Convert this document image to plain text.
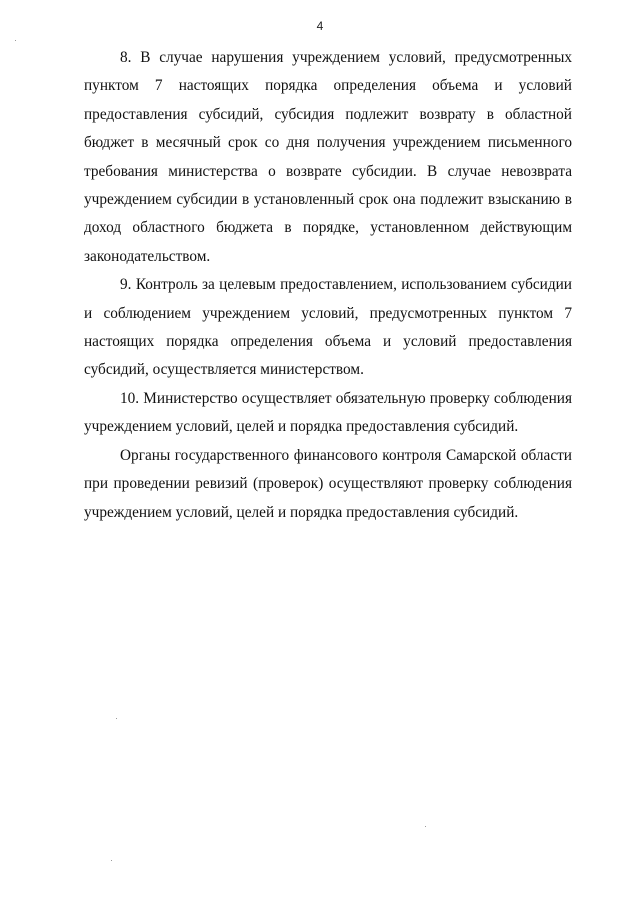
4

8. В случае нарушения учреждением условий, предусмотренных пунктом 7 настоящих порядка определения объема и условий предоставления субсидий, субсидия подлежит возврату в областной бюджет в месячный срок со дня получения учреждением письменного требования министерства о возврате субсидии. В случае невозврата учреждением субсидии в установленный срок она подлежит взысканию в доход областного бюджета в порядке, установленном действующим законодательством.

9. Контроль за целевым предоставлением, использованием субсидии и соблюдением учреждением условий, предусмотренных пунктом 7 настоящих порядка определения объема и условий предоставления субсидий, осуществляется министерством.

10. Министерство осуществляет обязательную проверку соблюдения учреждением условий, целей и порядка предоставления субсидий.

Органы государственного финансового контроля Самарской области при проведении ревизий (проверок) осуществляют проверку соблюдения учреждением условий, целей и порядка предоставления субсидий.
